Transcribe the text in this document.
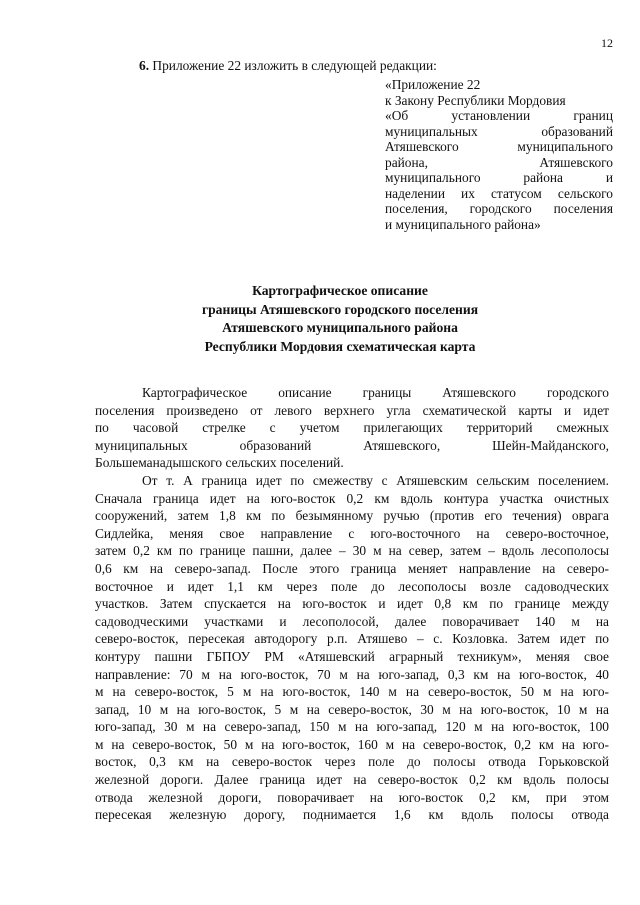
12
6. Приложение 22 изложить в следующей редакции:
«Приложение 22
к Закону Республики Мордовия
«Об установлении границ
муниципальных образований
Атяшевского муниципального
района, Атяшевского
муниципального района и
наделении их статусом сельского
поселения, городского поселения
и муниципального района»
Картографическое описание
границы Атяшевского городского поселения
Атяшевского муниципального района
Республики Мордовия схематическая карта
Картографическое описание границы Атяшевского городского
поселения произведено от левого верхнего угла схематической карты и идет
по часовой стрелке с учетом прилегающих территорий смежных
муниципальных образований Атяшевского, Шейн-Майданского,
Большеманадышского сельских поселений.
От т. А граница идет по смежеству с Атяшевским сельским поселением.
Сначала граница идет на юго-восток 0,2 км вдоль контура участка очистных
сооружений, затем 1,8 км по безымянному ручью (против его течения) оврага
Сидлейка, меняя свое направление с юго-восточного на северо-восточное,
затем 0,2 км по границе пашни, далее – 30 м на север, затем – вдоль лесополосы
0,6 км на северо-запад. После этого граница меняет направление на северо-
восточное и идет 1,1 км через поле до лесополосы возле садоводческих
участков. Затем спускается на юго-восток и идет 0,8 км по границе между
садоводческими участками и лесополосой, далее поворачивает 140 м на
северо-восток, пересекая автодорогу р.п. Атяшево – с. Козловка. Затем идет по
контуру пашни ГБПОУ РМ «Атяшевский аграрный техникум», меняя свое
направление: 70 м на юго-восток, 70 м на юго-запад, 0,3 км на юго-восток, 40
м на северо-восток, 5 м на юго-восток, 140 м на северо-восток, 50 м на юго-
запад, 10 м на юго-восток, 5 м на северо-восток, 30 м на юго-восток, 10 м на
юго-запад, 30 м на северо-запад, 150 м на юго-запад, 120 м на юго-восток, 100
м на северо-восток, 50 м на юго-восток, 160 м на северо-восток, 0,2 км на юго-
восток, 0,3 км на северо-восток через поле до полосы отвода Горьковской
железной дороги. Далее граница идет на северо-восток 0,2 км вдоль полосы
отвода железной дороги, поворачивает на юго-восток 0,2 км, при этом
пересекая железную дорогу, поднимается 1,6 км вдоль полосы отвода
